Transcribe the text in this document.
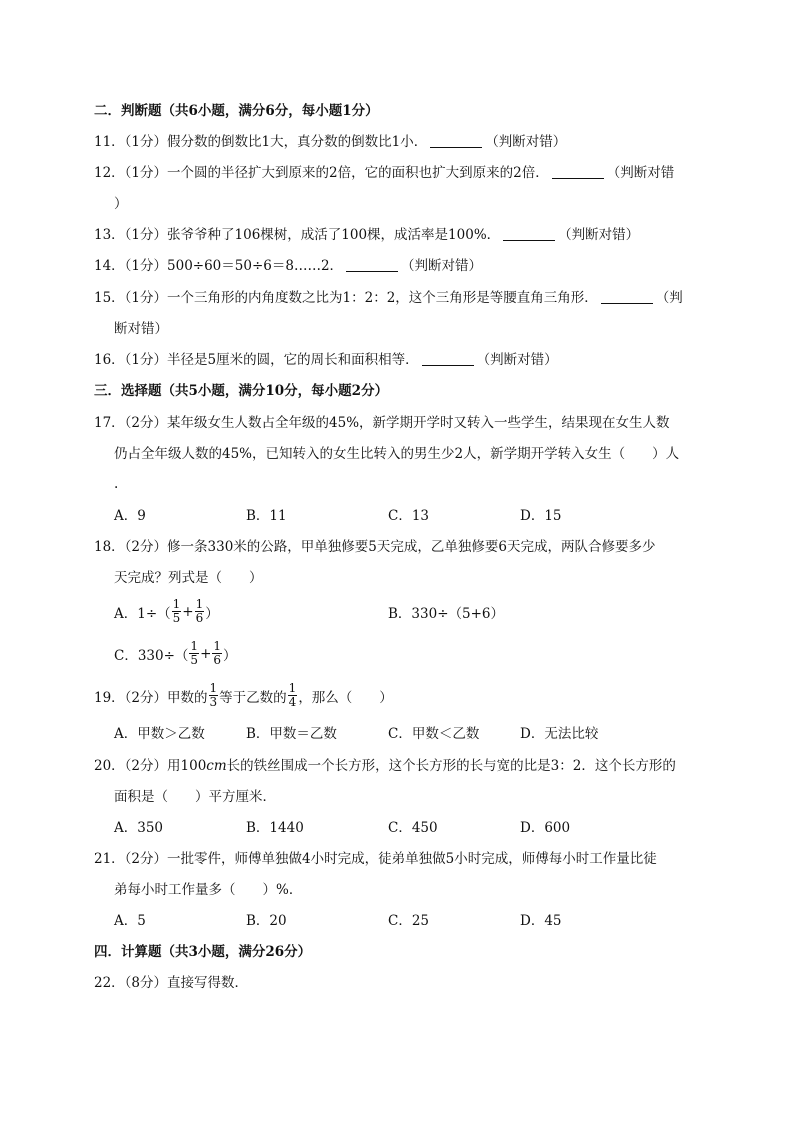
二．判断题（共6小题，满分6分，每小题1分）
11．（1分）假分数的倒数比1大，真分数的倒数比1小．	（判断对错）
12．（1分）一个圆的半径扩大到原来的2倍，它的面积也扩大到原来的2倍．	（判断对错
）
13．（1分）张爷爷种了106棵树，成活了100棵，成活率是100%．	（判断对错）
14．（1分）500÷60＝50÷6＝8……2．	（判断对错）
15．（1分）一个三角形的内角度数之比为1：2：2，这个三角形是等腰直角三角形．	（判
断对错）
16．（1分）半径是5厘米的圆，它的周长和面积相等．	（判断对错）
三．选择题（共5小题，满分10分，每小题2分）
17．（2分）某年级女生人数占全年级的45%，新学期开学时又转入一些学生，结果现在女生人数
仍占全年级人数的45%，已知转入的女生比转入的男生少2人，新学期开学转入女生（　　）人
.
A．9	B．11	C．13	D．15
18．（2分）修一条330米的公路，甲单独修要5天完成，乙单独修要6天完成，两队合修要多少
天完成？列式是（　　）
A．$1\div( \frac{1}{5} + \frac{1}{6}$ ）	B．330÷（5+6）
C．$330\div( \frac{1}{5} + \frac{1}{6}$ ）
19．（2分）甲数的 $\frac{1}{3}$ 等于乙数的 $\frac{1}{4}$ ，那么（　　）
A．甲数＞乙数	B．甲数＝乙数	C．甲数＜乙数	D．无法比较
20．（2分）用100cm长的铁丝围成一个长方形，这个长方形的长与宽的比是3：2．这个长方形的
面积是（　　）平方厘米．
A．350	B．1440	C．450	D．600
21．（2分）一批零件，师傅单独做4小时完成，徒弟单独做5小时完成，师傅每小时工作量比徒
弟每小时工作量多（　　）%．
A．5	B．20	C．25	D．45
四．计算题（共3小题，满分26分）
22．（8分）直接写得数．
